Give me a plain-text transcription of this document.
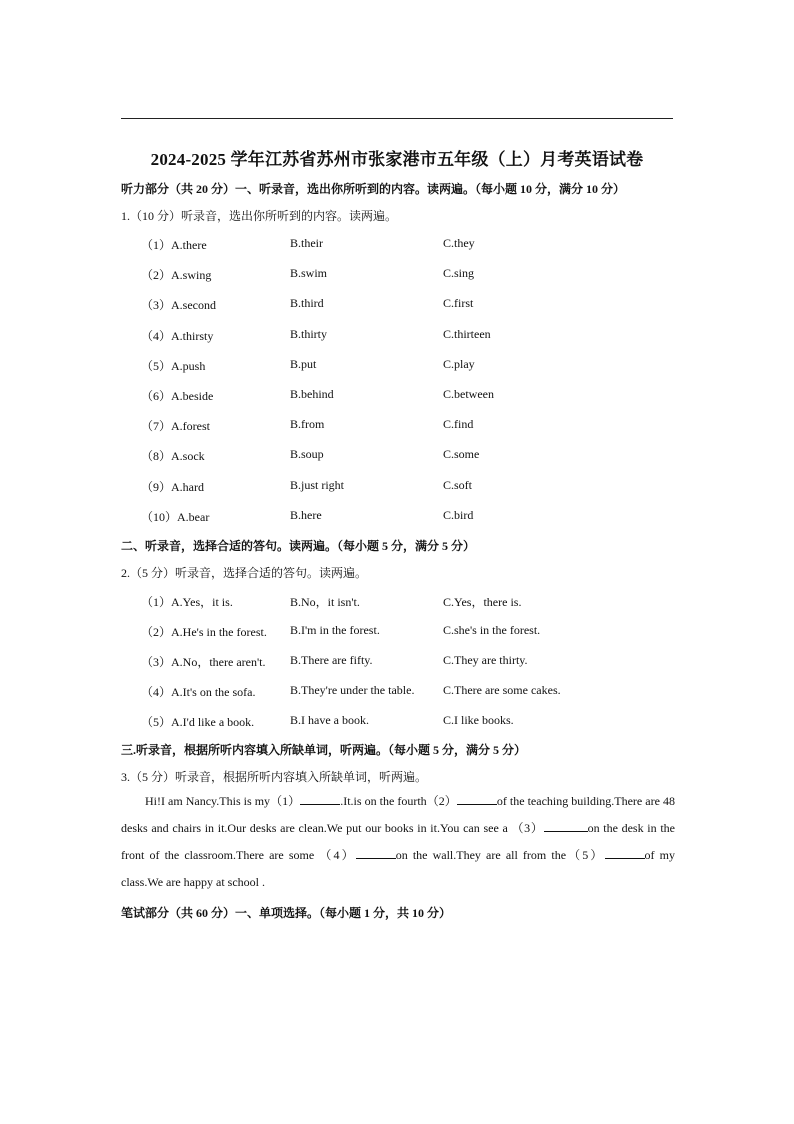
2024-2025 学年江苏省苏州市张家港市五年级（上）月考英语试卷
听力部分（共 20 分）一、听录音，选出你所听到的内容。读两遍。（每小题 10 分，满分 10 分）
1.（10 分）听录音，选出你所听到的内容。读两遍。
（1）A.there	B.their	C.they
（2）A.swing	B.swim	C.sing
（3）A.second	B.third	C.first
（4）A.thirsty	B.thirty	C.thirteen
（5）A.push	B.put	C.play
（6）A.beside	B.behind	C.between
（7）A.forest	B.from	C.find
（8）A.sock	B.soup	C.some
（9）A.hard	B.just right	C.soft
（10）A.bear	B.here	C.bird
二、听录音，选择合适的答句。读两遍。（每小题 5 分，满分 5 分）
2.（5 分）听录音，选择合适的答句。读两遍。
（1）A.Yes，it is.	B.No，it isn't.	C.Yes，there is.
（2）A.He's in the forest. B.I'm in the forest.	C.she's in the forest.
（3）A.No，there aren't. B.There are fifty.	C.They are thirty.
（4）A.It's on the sofa.	B.They're under the table. C.There are some cakes.
（5）A.I'd like a book.	B.I have a book.	C.I like books.
三.听录音，根据所听内容填入所缺单词，听两遍。（每小题 5 分，满分 5 分）
3.（5 分）听录音，根据所听内容填入所缺单词，听两遍。
Hi!I am Nancy.This is my（1）	.It.is on the fourth（2）	of the teaching building.There are 48 desks and chairs in it.Our desks are clean.We put our books in it.You can see a （3）	on the desk in the front of the classroom.There are some （4）	on the wall.They are all from the（5）	of my class.We are happy at school .
笔试部分（共 60 分）一、单项选择。（每小题 1 分，共 10 分）
